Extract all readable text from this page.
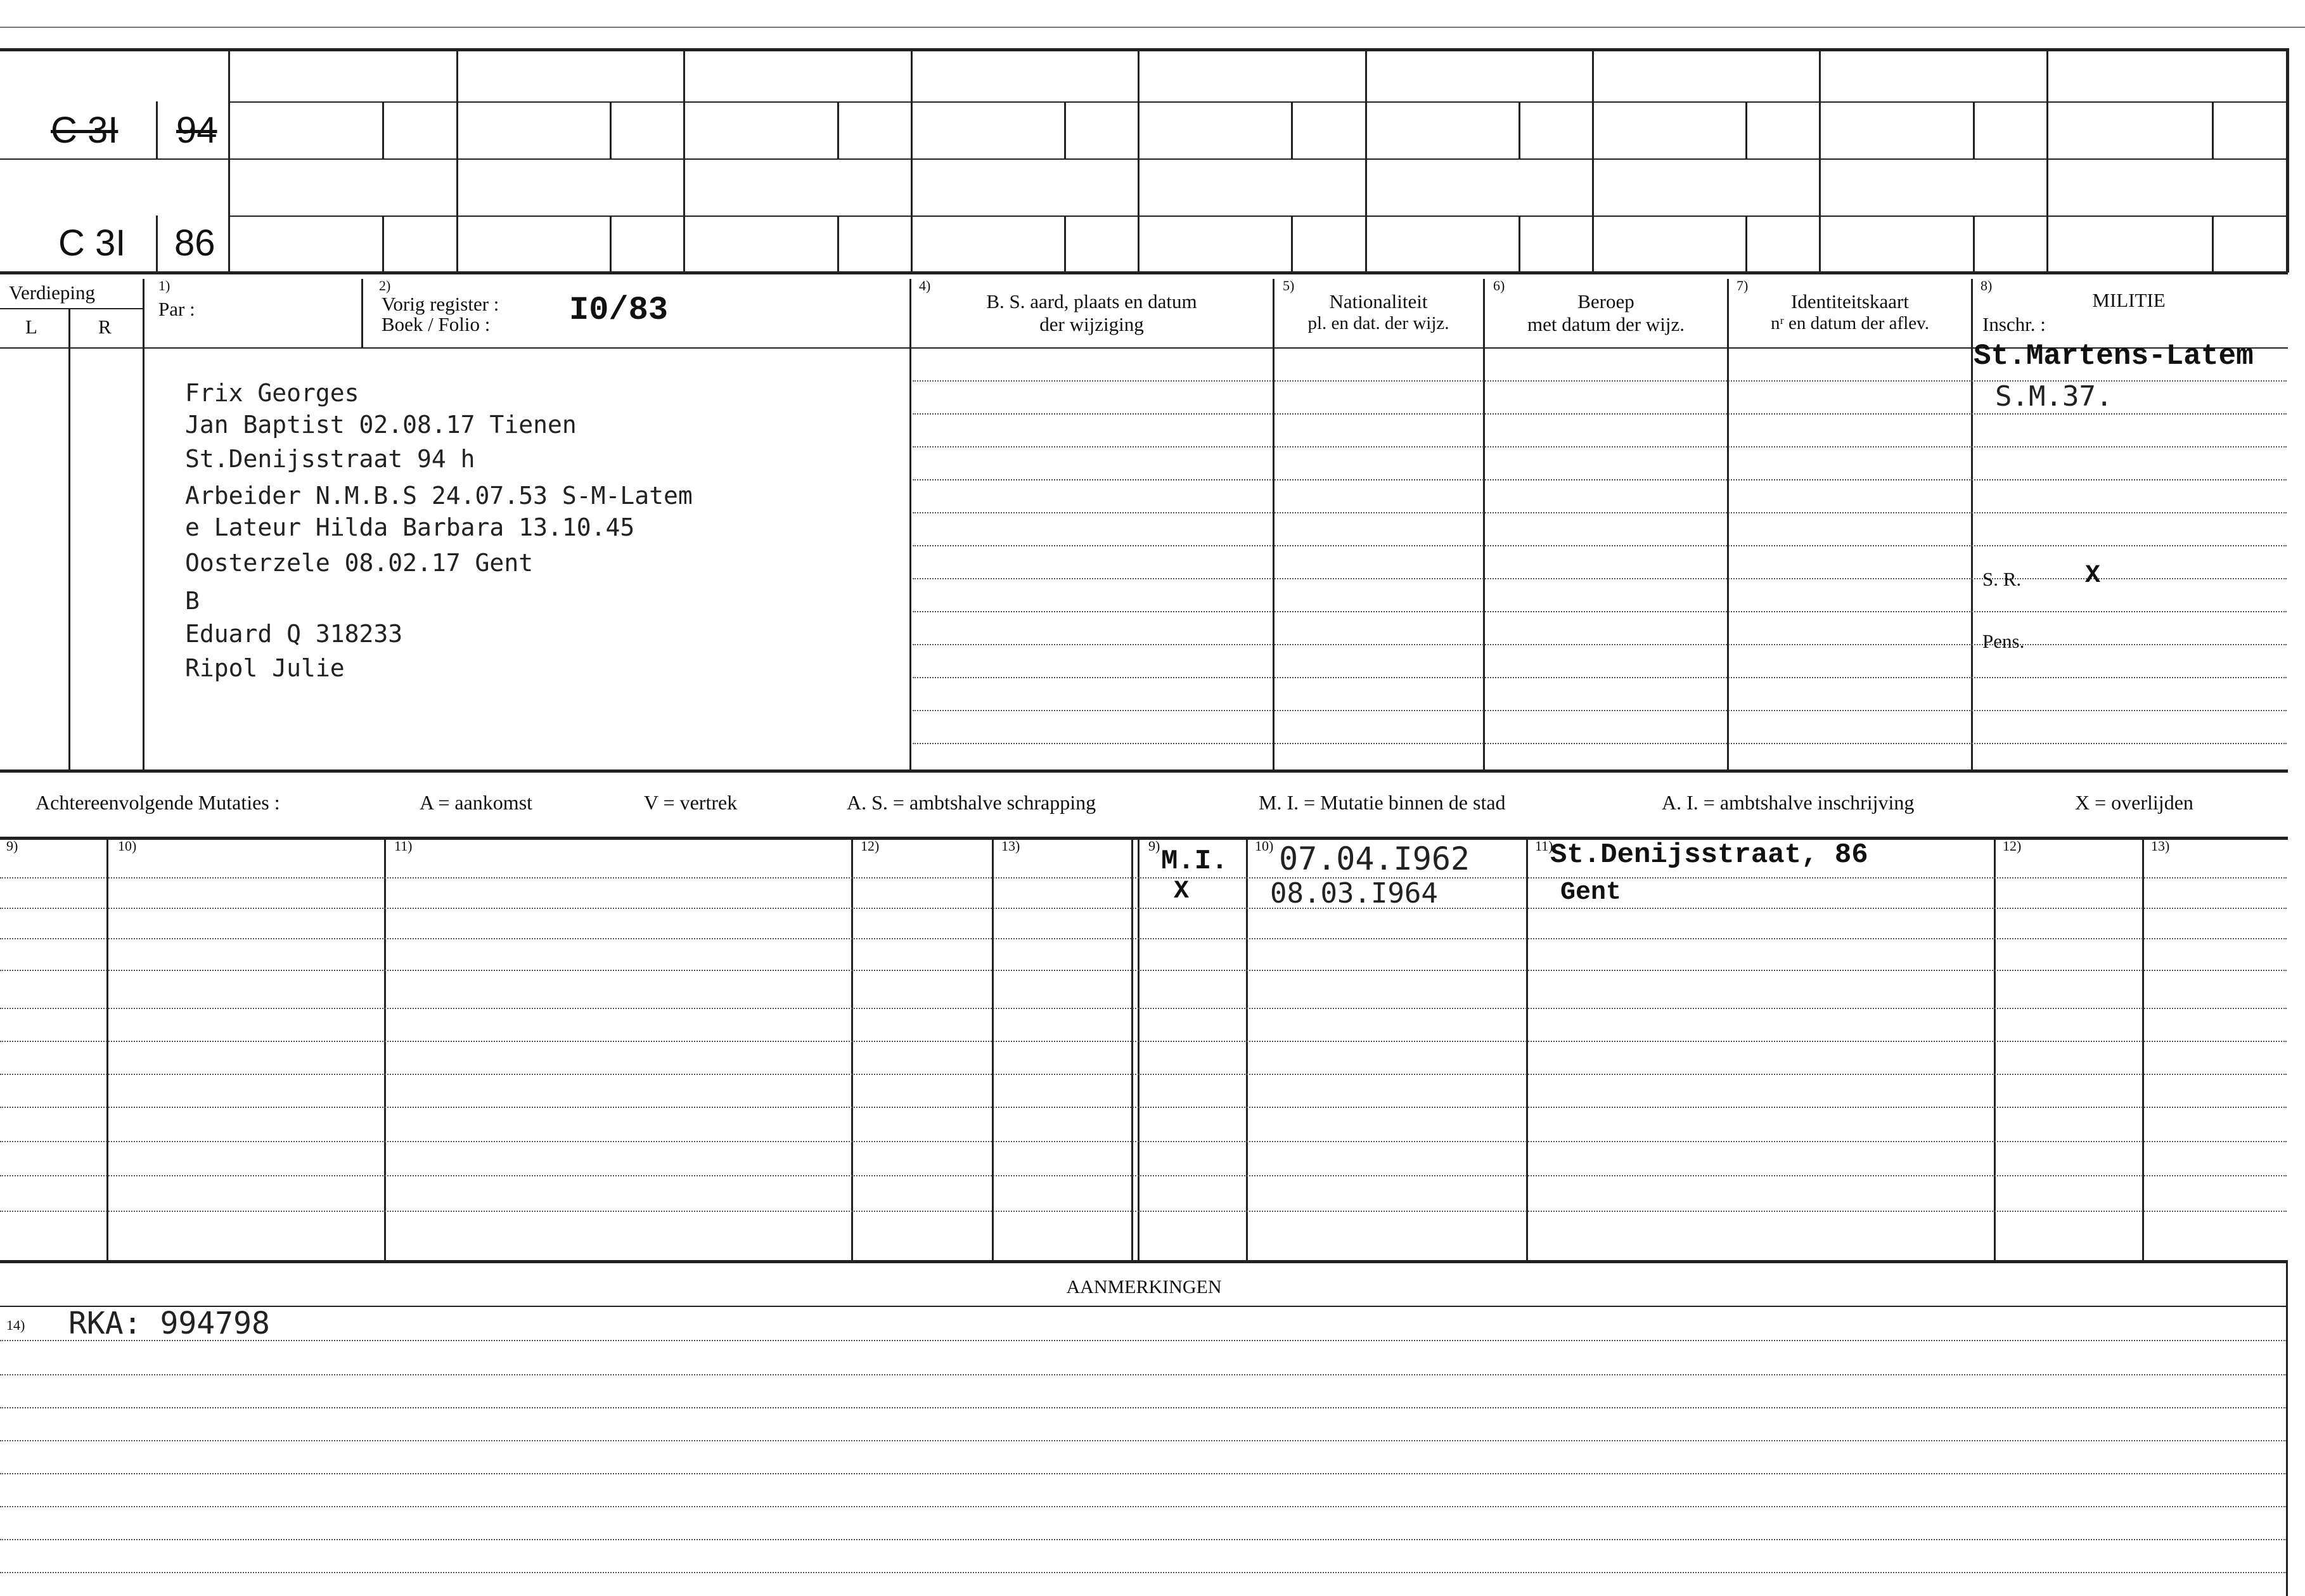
C 3I 94
C 3I 86
Verdieping
L	R
1)
Par :
2)
Vorig register :
Boek / Folio : I0/83
4)
B. S. aard, plaats en datum
der wijziging
5)
Nationaliteit
pl. en dat. der wijz.
6)
Beroep
met datum der wijz.
7)
Identiteitskaart
nʳ en datum der aflev.
8)
MILITIE
Inschr. :
Frix Georges
Jan Baptist 02.08.17 Tienen
St.Denijsstraat 94 h
Arbeider N.M.B.S 24.07.53 S-M-Latem
e Lateur Hilda Barbara 13.10.45
Oosterzele 08.02.17 Gent
B
Eduard Q 318233
Ripol Julie
St.Martens-Latem
S.M.37.
S. R.	X
Pens.
Achtereenvolgende Mutaties :	A = aankomst	V = vertrek	A. S. = ambtshalve schrapping	M. I. = Mutatie binnen de stad	A. I. = ambtshalve inschrijving	X = overlijden
9)	10)	11)	12)	13)	9)	10)	11)	12)	13)
M.I. 07.04.I962	St.Denijsstraat, 86
X	08.03.I964	Gent
AANMERKINGEN
14) RKA: 994798
